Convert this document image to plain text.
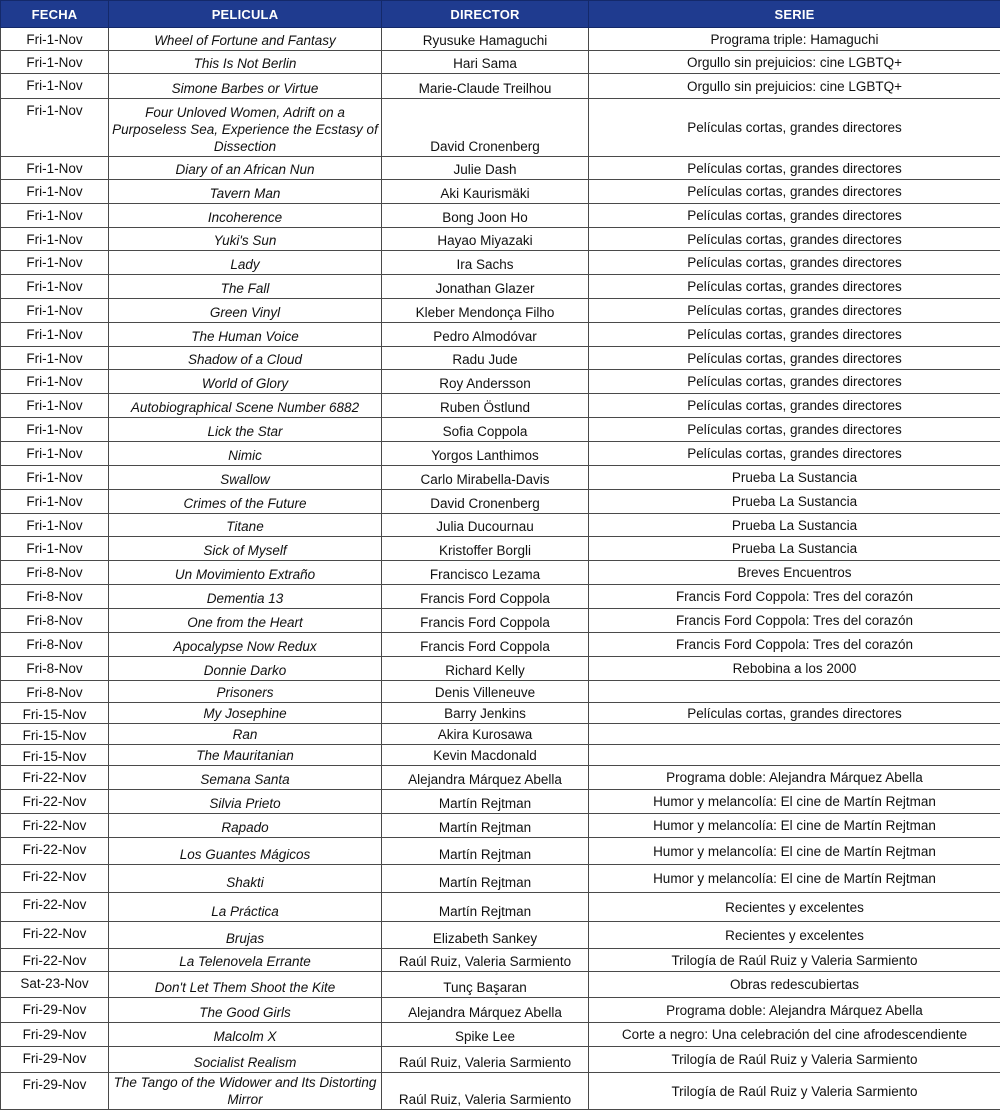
FECHA	PELICULA	DIRECTOR	SERIE
Fri-1-Nov	Wheel of Fortune and Fantasy	Ryusuke Hamaguchi	Programa triple: Hamaguchi
Fri-1-Nov	This Is Not Berlin	Hari Sama	Orgullo sin prejuicios: cine LGBTQ+
Fri-1-Nov	Simone Barbes or Virtue	Marie-Claude Treilhou	Orgullo sin prejuicios: cine LGBTQ+
Fri-1-Nov	Four Unloved Women, Adrift on a Purposeless Sea, Experience the Ecstasy of Dissection	David Cronenberg	Películas cortas, grandes directores
Fri-1-Nov	Diary of an African Nun	Julie Dash	Películas cortas, grandes directores
Fri-1-Nov	Tavern Man	Aki Kaurismäki	Películas cortas, grandes directores
Fri-1-Nov	Incoherence	Bong Joon Ho	Películas cortas, grandes directores
Fri-1-Nov	Yuki's Sun	Hayao Miyazaki	Películas cortas, grandes directores
Fri-1-Nov	Lady	Ira Sachs	Películas cortas, grandes directores
Fri-1-Nov	The Fall	Jonathan Glazer	Películas cortas, grandes directores
Fri-1-Nov	Green Vinyl	Kleber Mendonça Filho	Películas cortas, grandes directores
Fri-1-Nov	The Human Voice	Pedro Almodóvar	Películas cortas, grandes directores
Fri-1-Nov	Shadow of a Cloud	Radu Jude	Películas cortas, grandes directores
Fri-1-Nov	World of Glory	Roy Andersson	Películas cortas, grandes directores
Fri-1-Nov	Autobiographical Scene Number 6882	Ruben Östlund	Películas cortas, grandes directores
Fri-1-Nov	Lick the Star	Sofia Coppola	Películas cortas, grandes directores
Fri-1-Nov	Nimic	Yorgos Lanthimos	Películas cortas, grandes directores
Fri-1-Nov	Swallow	Carlo Mirabella-Davis	Prueba La Sustancia
Fri-1-Nov	Crimes of the Future	David Cronenberg	Prueba La Sustancia
Fri-1-Nov	Titane	Julia Ducournau	Prueba La Sustancia
Fri-1-Nov	Sick of Myself	Kristoffer Borgli	Prueba La Sustancia
Fri-8-Nov	Un Movimiento Extraño	Francisco Lezama	Breves Encuentros
Fri-8-Nov	Dementia 13	Francis Ford Coppola	Francis Ford Coppola: Tres del corazón
Fri-8-Nov	One from the Heart	Francis Ford Coppola	Francis Ford Coppola: Tres del corazón
Fri-8-Nov	Apocalypse Now Redux	Francis Ford Coppola	Francis Ford Coppola: Tres del corazón
Fri-8-Nov	Donnie Darko	Richard Kelly	Rebobina a los 2000
Fri-8-Nov	Prisoners	Denis Villeneuve	
Fri-15-Nov	My Josephine	Barry Jenkins	Películas cortas, grandes directores
Fri-15-Nov	Ran	Akira Kurosawa	
Fri-15-Nov	The Mauritanian	Kevin Macdonald	
Fri-22-Nov	Semana Santa	Alejandra Márquez Abella	Programa doble: Alejandra Márquez Abella
Fri-22-Nov	Silvia Prieto	Martín Rejtman	Humor y melancolía: El cine de Martín Rejtman
Fri-22-Nov	Rapado	Martín Rejtman	Humor y melancolía: El cine de Martín Rejtman
Fri-22-Nov	Los Guantes Mágicos	Martín Rejtman	Humor y melancolía: El cine de Martín Rejtman
Fri-22-Nov	Shakti	Martín Rejtman	Humor y melancolía: El cine de Martín Rejtman
Fri-22-Nov	La Práctica	Martín Rejtman	Recientes y excelentes
Fri-22-Nov	Brujas	Elizabeth Sankey	Recientes y excelentes
Fri-22-Nov	La Telenovela Errante	Raúl Ruiz, Valeria Sarmiento	Trilogía de Raúl Ruiz y Valeria Sarmiento
Sat-23-Nov	Don't Let Them Shoot the Kite	Tunç Başaran	Obras redescubiertas
Fri-29-Nov	The Good Girls	Alejandra Márquez Abella	Programa doble: Alejandra Márquez Abella
Fri-29-Nov	Malcolm X	Spike Lee	Corte a negro: Una celebración del cine afrodescendiente
Fri-29-Nov	Socialist Realism	Raúl Ruiz, Valeria Sarmiento	Trilogía de Raúl Ruiz y Valeria Sarmiento
Fri-29-Nov	The Tango of the Widower and Its Distorting Mirror	Raúl Ruiz, Valeria Sarmiento	Trilogía de Raúl Ruiz y Valeria Sarmiento
